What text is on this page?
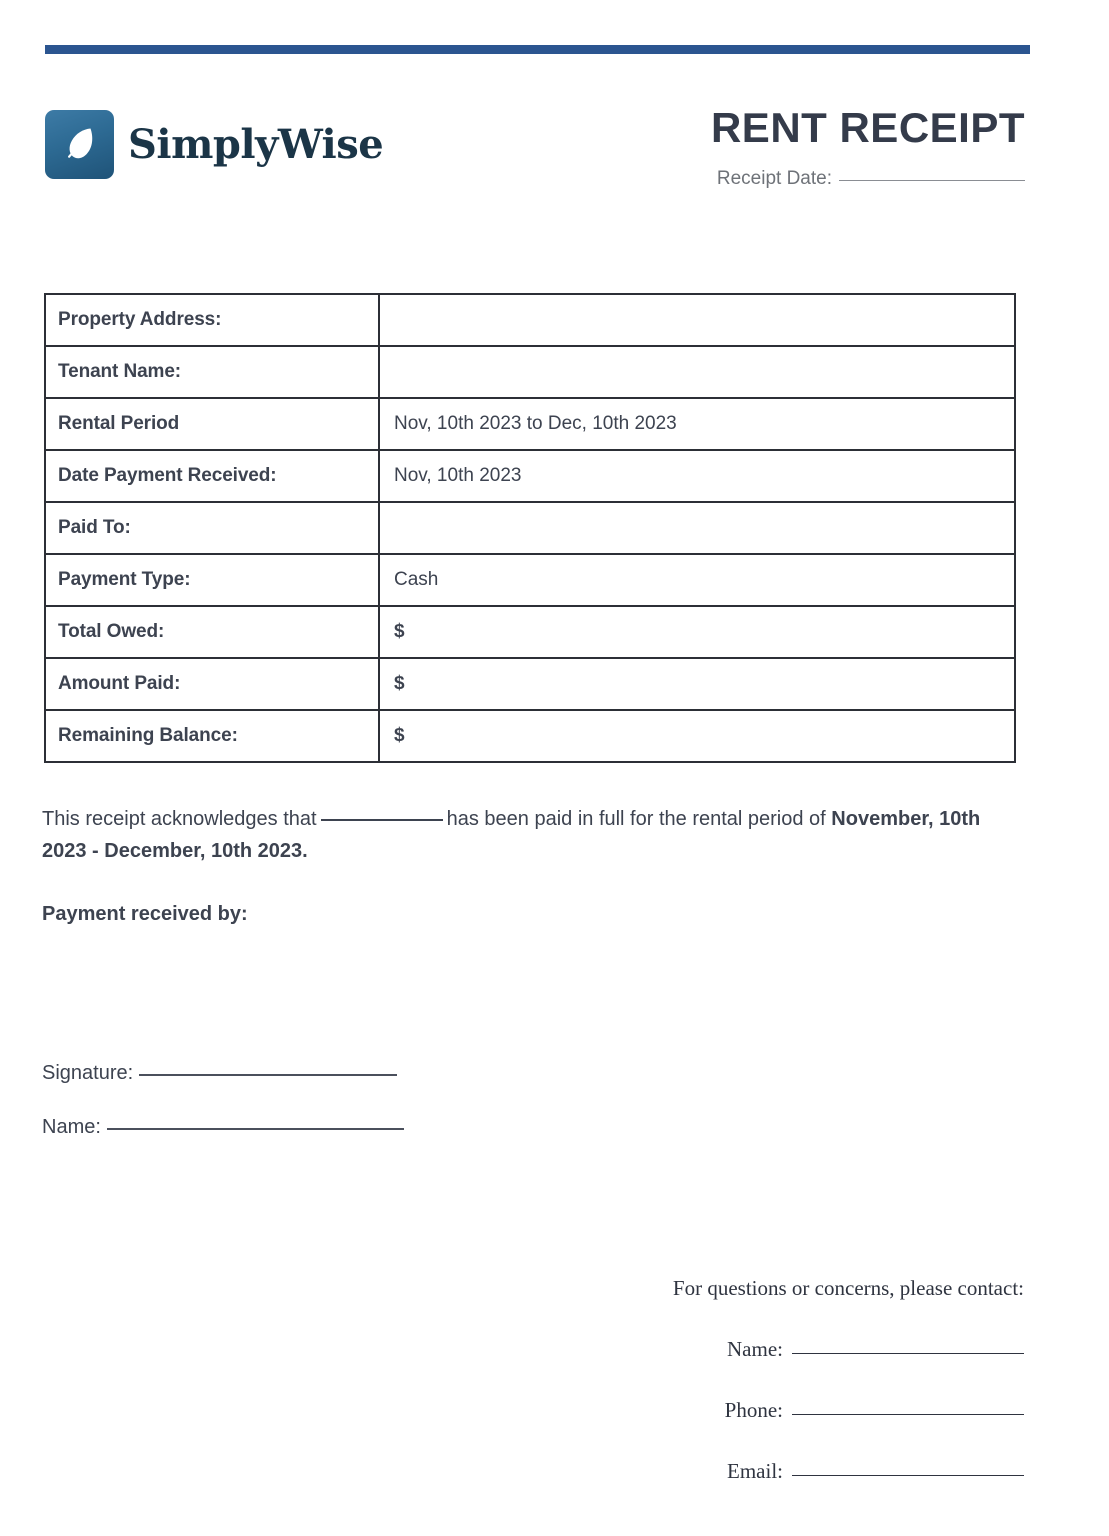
SimplyWise	RENT RECEIPT
Receipt Date:
Property Address:	
Tenant Name:	
Rental Period	Nov, 10th 2023 to Dec, 10th 2023
Date Payment Received:	Nov, 10th 2023
Paid To:	
Payment Type:	Cash
Total Owed:	$
Amount Paid:	$
Remaining Balance:	$

This receipt acknowledges that	has been paid in full for the rental period of November, 10th 2023 - December, 10th 2023.

Payment received by:
Signature:
Name:
For questions or concerns, please contact:
Name:
Phone:
Email:
